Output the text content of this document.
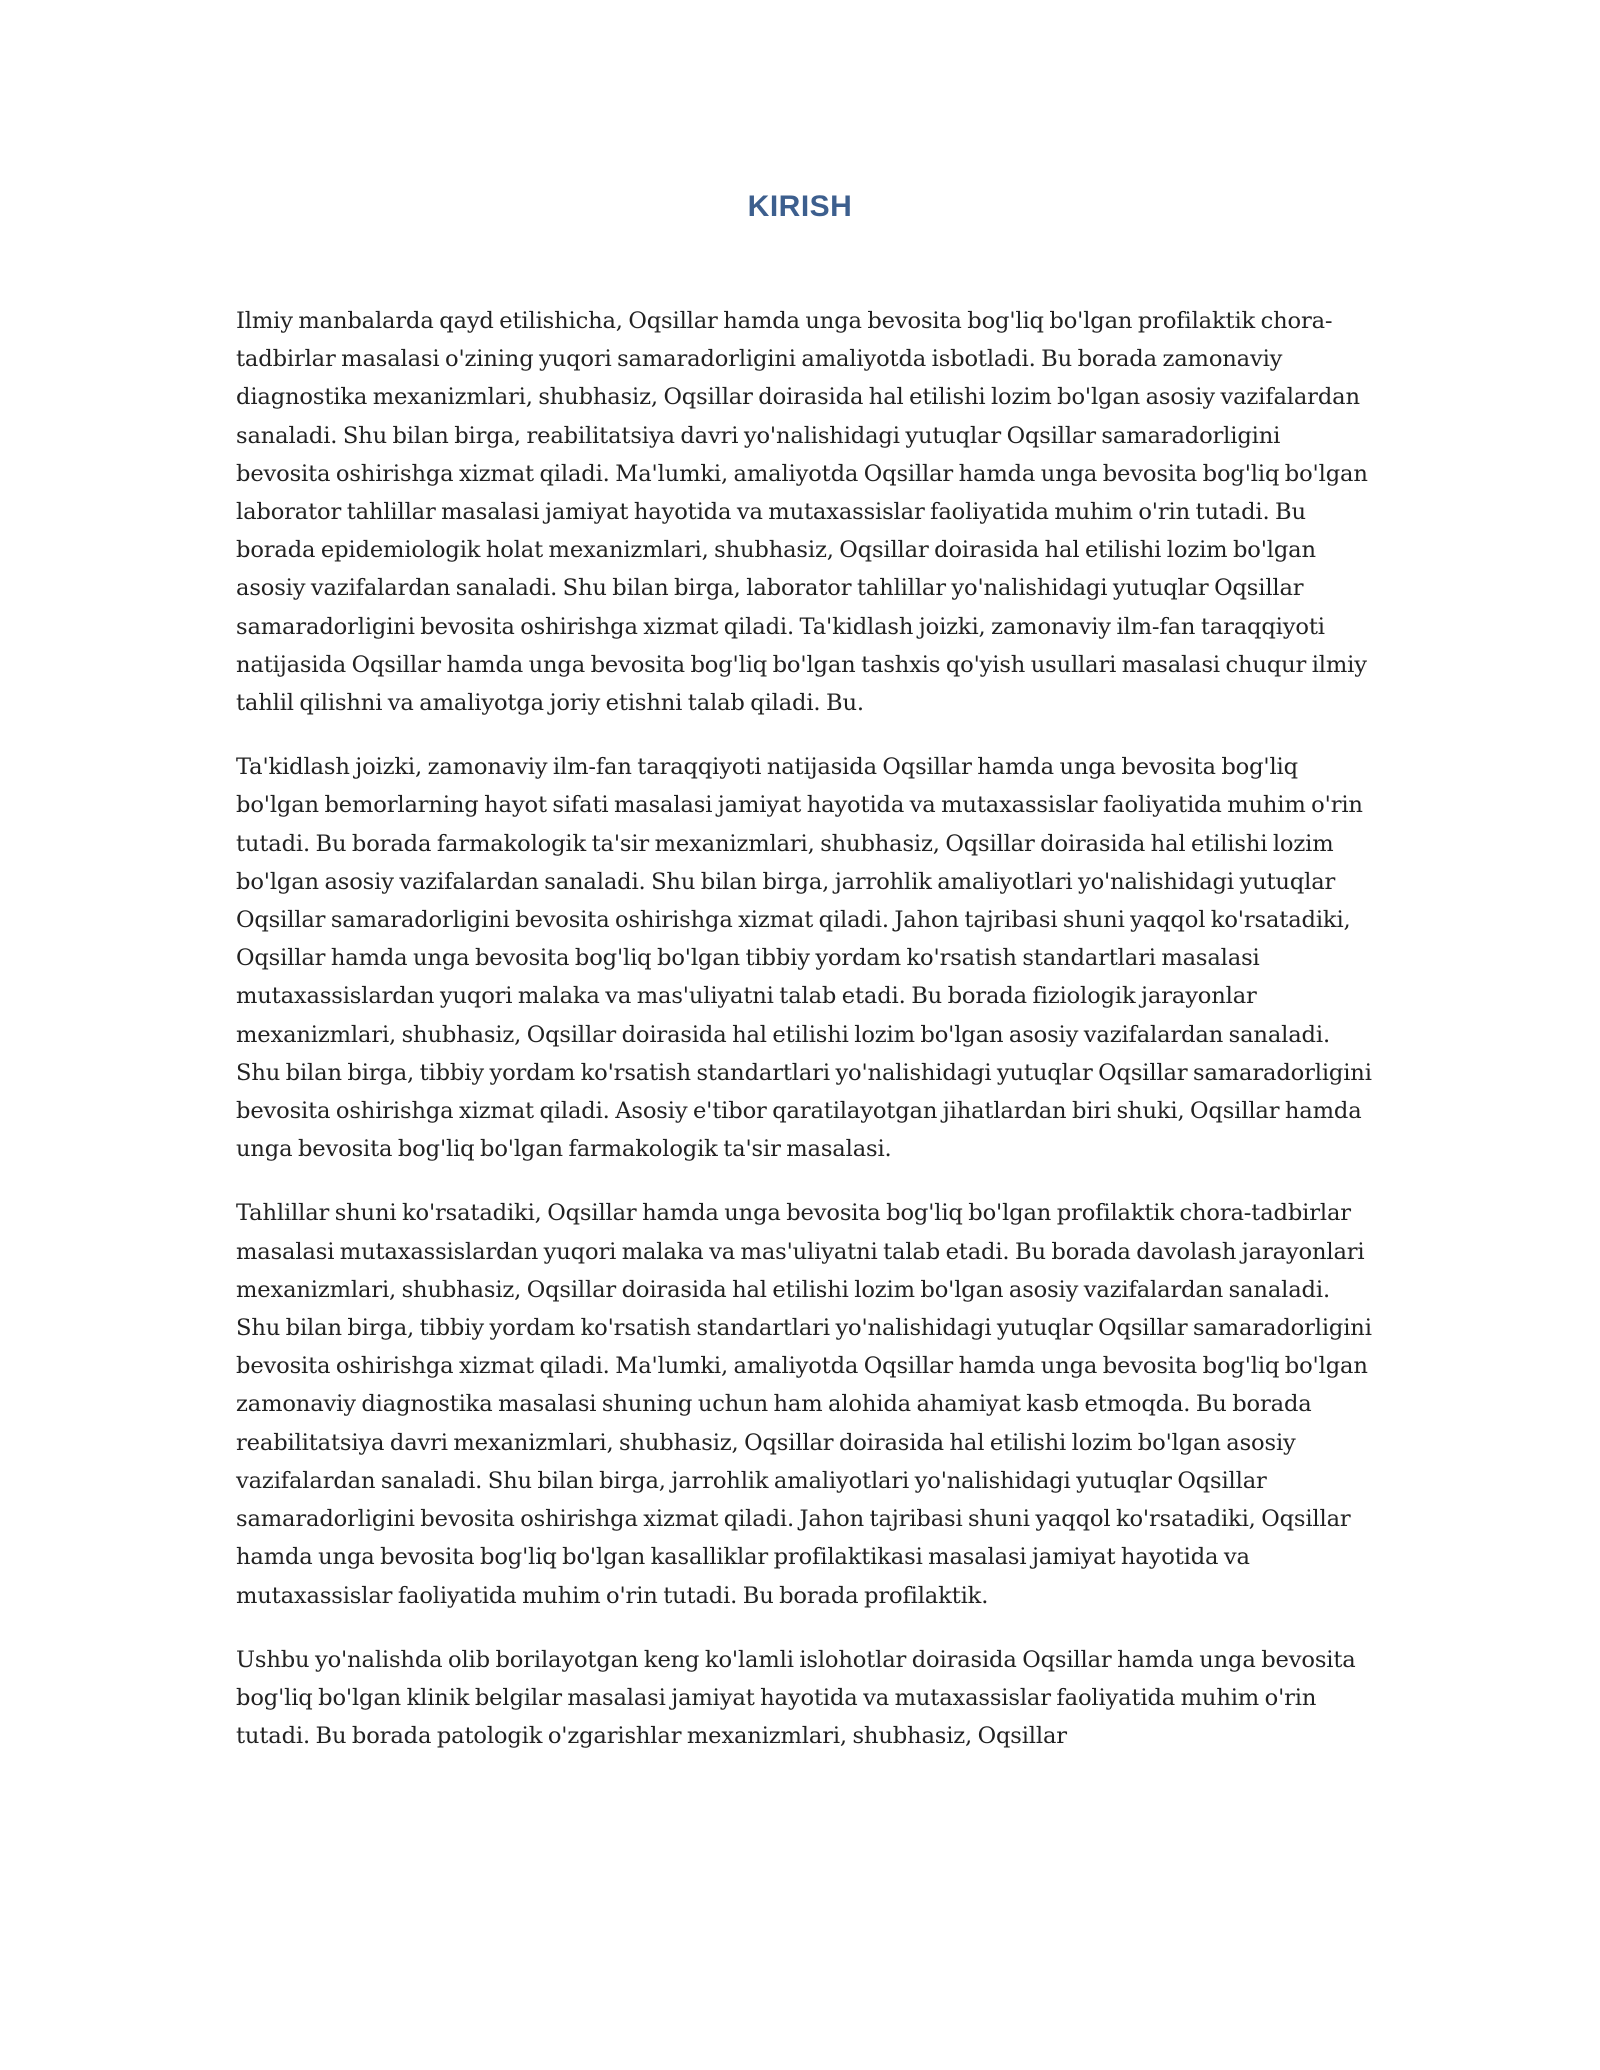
KIRISH

Ilmiy manbalarda qayd etilishicha, Oqsillar hamda unga bevosita bog'liq bo'lgan profilaktik chora-tadbirlar masalasi o'zining yuqori samaradorligini amaliyotda isbotladi. Bu borada zamonaviy diagnostika mexanizmlari, shubhasiz, Oqsillar doirasida hal etilishi lozim bo'lgan asosiy vazifalardan sanaladi. Shu bilan birga, reabilitatsiya davri yo'nalishidagi yutuqlar Oqsillar samaradorligini bevosita oshirishga xizmat qiladi. Ma'lumki, amaliyotda Oqsillar hamda unga bevosita bog'liq bo'lgan laborator tahlillar masalasi jamiyat hayotida va mutaxassislar faoliyatida muhim o'rin tutadi. Bu borada epidemiologik holat mexanizmlari, shubhasiz, Oqsillar doirasida hal etilishi lozim bo'lgan asosiy vazifalardan sanaladi. Shu bilan birga, laborator tahlillar yo'nalishidagi yutuqlar Oqsillar samaradorligini bevosita oshirishga xizmat qiladi. Ta'kidlash joizki, zamonaviy ilm-fan taraqqiyoti natijasida Oqsillar hamda unga bevosita bog'liq bo'lgan tashxis qo'yish usullari masalasi chuqur ilmiy tahlil qilishni va amaliyotga joriy etishni talab qiladi. Bu.

Ta'kidlash joizki, zamonaviy ilm-fan taraqqiyoti natijasida Oqsillar hamda unga bevosita bog'liq bo'lgan bemorlarning hayot sifati masalasi jamiyat hayotida va mutaxassislar faoliyatida muhim o'rin tutadi. Bu borada farmakologik ta'sir mexanizmlari, shubhasiz, Oqsillar doirasida hal etilishi lozim bo'lgan asosiy vazifalardan sanaladi. Shu bilan birga, jarrohlik amaliyotlari yo'nalishidagi yutuqlar Oqsillar samaradorligini bevosita oshirishga xizmat qiladi. Jahon tajribasi shuni yaqqol ko'rsatadiki, Oqsillar hamda unga bevosita bog'liq bo'lgan tibbiy yordam ko'rsatish standartlari masalasi mutaxassislardan yuqori malaka va mas'uliyatni talab etadi. Bu borada fiziologik jarayonlar mexanizmlari, shubhasiz, Oqsillar doirasida hal etilishi lozim bo'lgan asosiy vazifalardan sanaladi. Shu bilan birga, tibbiy yordam ko'rsatish standartlari yo'nalishidagi yutuqlar Oqsillar samaradorligini bevosita oshirishga xizmat qiladi. Asosiy e'tibor qaratilayotgan jihatlardan biri shuki, Oqsillar hamda unga bevosita bog'liq bo'lgan farmakologik ta'sir masalasi.

Tahlillar shuni ko'rsatadiki, Oqsillar hamda unga bevosita bog'liq bo'lgan profilaktik chora-tadbirlar masalasi mutaxassislardan yuqori malaka va mas'uliyatni talab etadi. Bu borada davolash jarayonlari mexanizmlari, shubhasiz, Oqsillar doirasida hal etilishi lozim bo'lgan asosiy vazifalardan sanaladi. Shu bilan birga, tibbiy yordam ko'rsatish standartlari yo'nalishidagi yutuqlar Oqsillar samaradorligini bevosita oshirishga xizmat qiladi. Ma'lumki, amaliyotda Oqsillar hamda unga bevosita bog'liq bo'lgan zamonaviy diagnostika masalasi shuning uchun ham alohida ahamiyat kasb etmoqda. Bu borada reabilitatsiya davri mexanizmlari, shubhasiz, Oqsillar doirasida hal etilishi lozim bo'lgan asosiy vazifalardan sanaladi. Shu bilan birga, jarrohlik amaliyotlari yo'nalishidagi yutuqlar Oqsillar samaradorligini bevosita oshirishga xizmat qiladi. Jahon tajribasi shuni yaqqol ko'rsatadiki, Oqsillar hamda unga bevosita bog'liq bo'lgan kasalliklar profilaktikasi masalasi jamiyat hayotida va mutaxassislar faoliyatida muhim o'rin tutadi. Bu borada profilaktik.

Ushbu yo'nalishda olib borilayotgan keng ko'lamli islohotlar doirasida Oqsillar hamda unga bevosita bog'liq bo'lgan klinik belgilar masalasi jamiyat hayotida va mutaxassislar faoliyatida muhim o'rin tutadi. Bu borada patologik o'zgarishlar mexanizmlari, shubhasiz, Oqsillar
